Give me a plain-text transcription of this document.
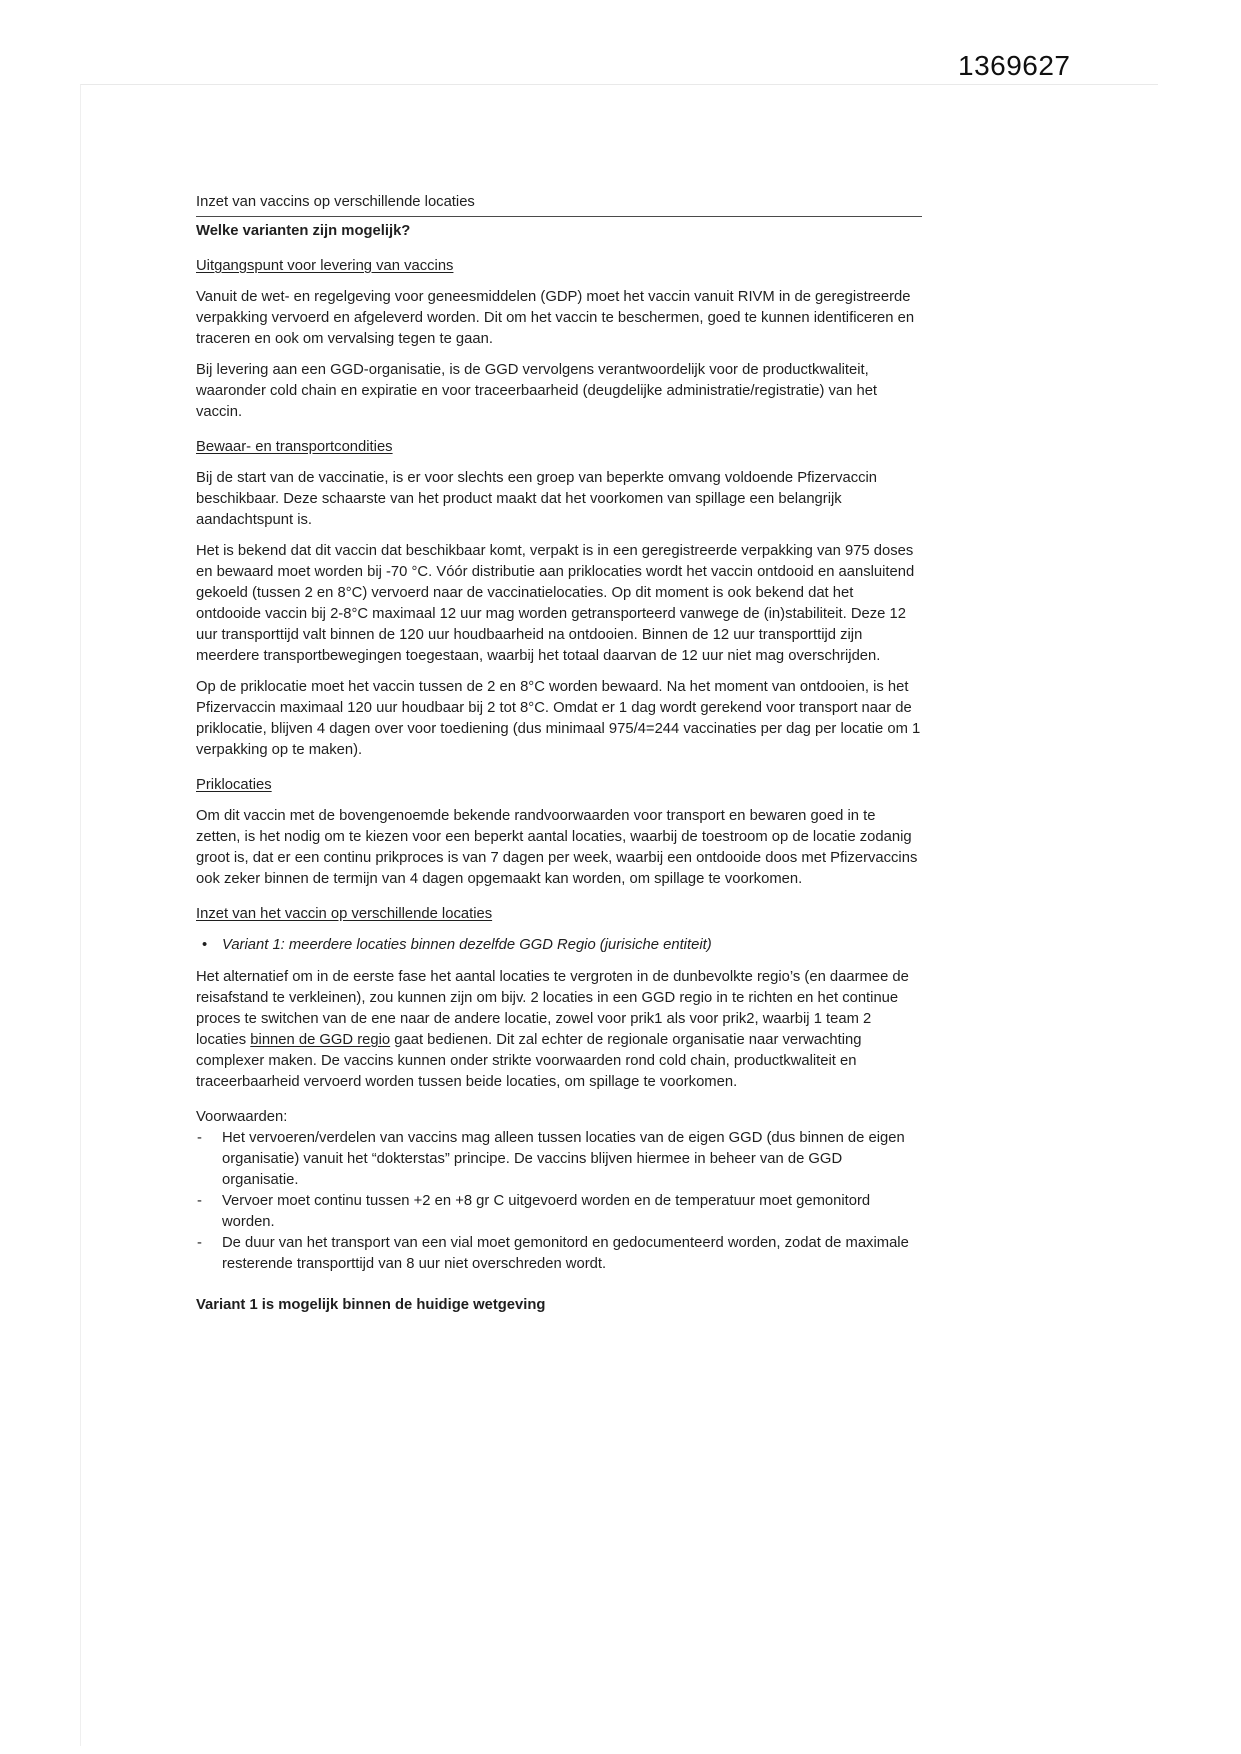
1369627
Inzet van vaccins op verschillende locaties
Welke varianten zijn mogelijk?
Uitgangspunt voor levering van vaccins

Vanuit de wet- en regelgeving voor geneesmiddelen (GDP) moet het vaccin vanuit RIVM in de geregistreerde verpakking vervoerd en afgeleverd worden. Dit om het vaccin te beschermen, goed te kunnen identificeren en traceren en ook om vervalsing tegen te gaan.

Bij levering aan een GGD-organisatie, is de GGD vervolgens verantwoordelijk voor de productkwaliteit, waaronder cold chain en expiratie en voor traceerbaarheid (deugdelijke administratie/registratie) van het vaccin.

Bewaar- en transportcondities

Bij de start van de vaccinatie, is er voor slechts een groep van beperkte omvang voldoende Pfizervaccin beschikbaar. Deze schaarste van het product maakt dat het voorkomen van spillage een belangrijk aandachtspunt is.

Het is bekend dat dit vaccin dat beschikbaar komt, verpakt is in een geregistreerde verpakking van 975 doses en bewaard moet worden bij -70 °C. Vóór distributie aan priklocaties wordt het vaccin ontdooid en aansluitend gekoeld (tussen 2 en 8°C) vervoerd naar de vaccinatielocaties. Op dit moment is ook bekend dat het ontdooide vaccin bij 2-8°C maximaal 12 uur mag worden getransporteerd vanwege de (in)stabiliteit. Deze 12 uur transporttijd valt binnen de 120 uur houdbaarheid na ontdooien. Binnen de 12 uur transporttijd zijn meerdere transportbewegingen toegestaan, waarbij het totaal daarvan de 12 uur niet mag overschrijden.

Op de priklocatie moet het vaccin tussen de 2 en 8°C worden bewaard. Na het moment van ontdooien, is het Pfizervaccin maximaal 120 uur houdbaar bij 2 tot 8°C. Omdat er 1 dag wordt gerekend voor transport naar de priklocatie, blijven 4 dagen over voor toediening (dus minimaal 975/4=244 vaccinaties per dag per locatie om 1 verpakking op te maken).

Priklocaties

Om dit vaccin met de bovengenoemde bekende randvoorwaarden voor transport en bewaren goed in te zetten, is het nodig om te kiezen voor een beperkt aantal locaties, waarbij de toestroom op de locatie zodanig groot is, dat er een continu prikproces is van 7 dagen per week, waarbij een ontdooide doos met Pfizervaccins ook zeker binnen de termijn van 4 dagen opgemaakt kan worden, om spillage te voorkomen.

Inzet van het vaccin op verschillende locaties
• Variant 1: meerdere locaties binnen dezelfde GGD Regio (jurisiche entiteit)

Het alternatief om in de eerste fase het aantal locaties te vergroten in de dunbevolkte regio’s (en daarmee de reisafstand te verkleinen), zou kunnen zijn om bijv. 2 locaties in een GGD regio in te richten en het continue proces te switchen van de ene naar de andere locatie, zowel voor prik1 als voor prik2, waarbij 1 team 2 locaties binnen de GGD regio gaat bedienen. Dit zal echter de regionale organisatie naar verwachting complexer maken. De vaccins kunnen onder strikte voorwaarden rond cold chain, productkwaliteit en traceerbaarheid vervoerd worden tussen beide locaties, om spillage te voorkomen.

Voorwaarden:
- Het vervoeren/verdelen van vaccins mag alleen tussen locaties van de eigen GGD (dus binnen de eigen organisatie) vanuit het “dokterstas” principe. De vaccins blijven hiermee in beheer van de GGD organisatie.
- Vervoer moet continu tussen +2 en +8 gr C uitgevoerd worden en de temperatuur moet gemonitord worden.
- De duur van het transport van een vial moet gemonitord en gedocumenteerd worden, zodat de maximale resterende transporttijd van 8 uur niet overschreden wordt.
Variant 1 is mogelijk binnen de huidige wetgeving
